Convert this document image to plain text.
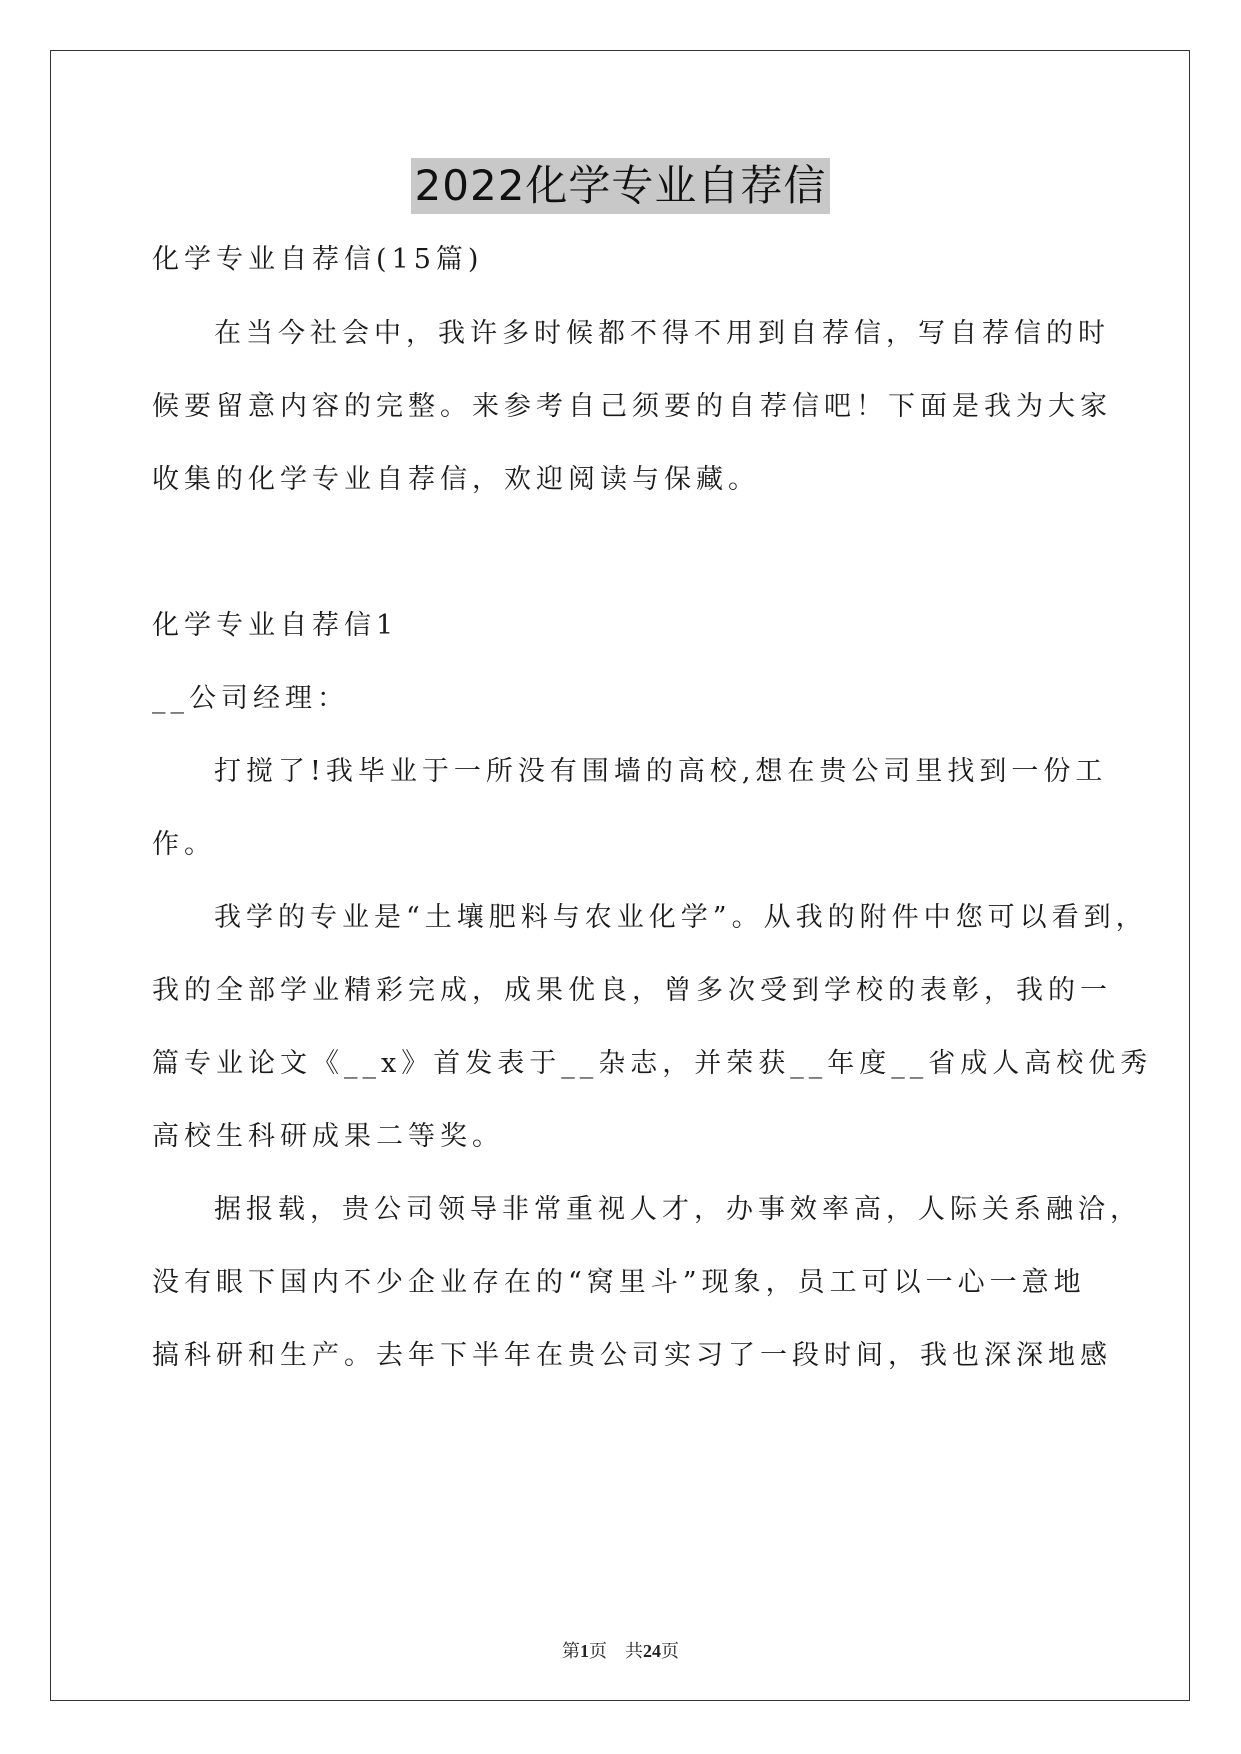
2022化学专业自荐信
化学专业自荐信(15篇)
在当今社会中，我许多时候都不得不用到自荐信，写自荐信的时
候要留意内容的完整。来参考自己须要的自荐信吧！下面是我为大家
收集的化学专业自荐信，欢迎阅读与保藏。
化学专业自荐信1
__公司经理：
打搅了!我毕业于一所没有围墙的高校,想在贵公司里找到一份工
作。
我学的专业是“土壤肥料与农业化学”。从我的附件中您可以看到，
我的全部学业精彩完成，成果优良，曾多次受到学校的表彰，我的一
篇专业论文《__x》首发表于__杂志，并荣获__年度__省成人高校优秀
高校生科研成果二等奖。
据报载，贵公司领导非常重视人才，办事效率高，人际关系融洽，
没有眼下国内不少企业存在的“窝里斗”现象，员工可以一心一意地
搞科研和生产。去年下半年在贵公司实习了一段时间，我也深深地感
第1页　共24页
